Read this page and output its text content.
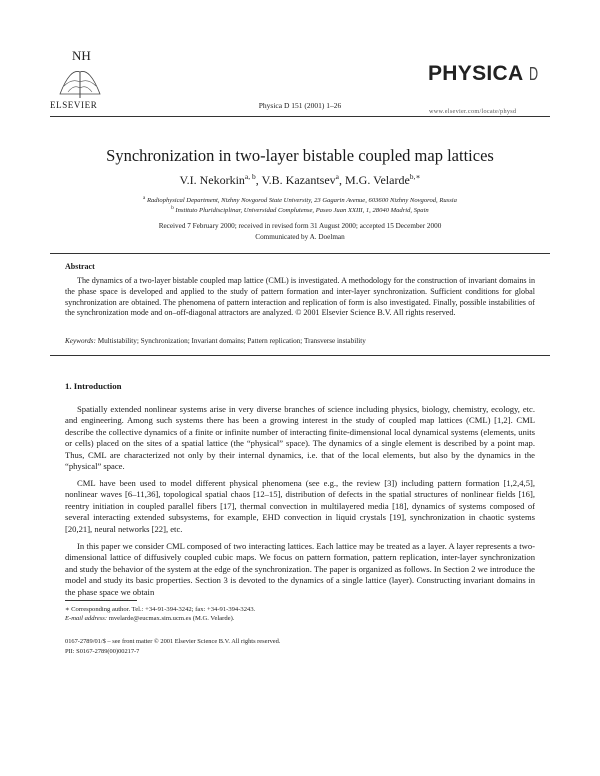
NH
ELSEVIER	Physica D 151 (2001) 1–26
PHYSICA D
www.elsevier.com/locate/physd
Synchronization in two-layer bistable coupled map lattices
V.I. Nekorkin$^{a, b}$, V.B. Kazantsev$^a$, M.G. Velarde$^{b,∗}$
$^a$ Radiophysical Department, Nizhny Novgorod State University, 23 Gagarin Avenue, 603600 Nizhny Novgorod, Russia
$^b$ Instituto Pluridisciplinar, Universidad Complutense, Paseo Juan XXIII, 1, 28040 Madrid, Spain
Received 7 February 2000; received in revised form 31 August 2000; accepted 15 December 2000
Communicated by A. Doelman
Abstract

The dynamics of a two-layer bistable coupled map lattice (CML) is investigated. A methodology for the construction of invariant domains in the phase space is developed and applied to the study of pattern formation and inter-layer synchronization. Sufficient conditions for global synchronization are obtained. The phenomena of pattern interaction and replication of form is also investigated. Finally, possible instabilities of the synchronization mode and on–off-diagonal attractors are analyzed. © 2001 Elsevier Science B.V. All rights reserved.

Keywords: Multistability; Synchronization; Invariant domains; Pattern replication; Transverse instability
1. Introduction

Spatially extended nonlinear systems arise in very diverse branches of science including physics, biology, chemistry, ecology, etc. and engineering. Among such systems there has been a growing interest in the study of coupled map lattices (CML) [1,2]. CML describe the collective dynamics of a finite or infinite number of interacting finite-dimensional local dynamical systems (elements, units or cells) placed on the sites of a spatial lattice (the “physical” space). The dynamics of a single element is described by a point map. Thus, CML are characterized not only by their internal dynamics, i.e. that of the local elements, but also by the dynamics in the “physical” space.

CML have been used to model different physical phenomena (see e.g., the review [3]) including pattern formation [1,2,4,5], nonlinear waves [6–11,36], topological spatial chaos [12–15], distribution of defects in the spatial structures of nonlinear fields [16], reentry initiation in coupled parallel fibers [17], thermal convection in multilayered media [18], dynamics of systems composed of several interacting extended subsystems, for example, EHD convection in liquid crystals [19], synchronization in chaotic systems [20,21], neural networks [22], etc.

In this paper we consider CML composed of two interacting lattices. Each lattice may be treated as a layer. A layer represents a two-dimensional lattice of diffusively coupled cubic maps. We focus on pattern formation, pattern replication, inter-layer synchronization and study the behavior of the system at the edge of the synchronization. The paper is organized as follows. In Section 2 we introduce the model and study its basic properties. Section 3 is devoted to the dynamics of a single lattice (layer). Constructing invariant domains in the phase space we obtain

∗ Corresponding author. Tel.: +34-91-394-3242; fax: +34-91-394-3243.
E-mail address: mvelarde@eucmax.sim.ucm.es (M.G. Velarde).
0167-2789/01/$ – see front matter © 2001 Elsevier Science B.V. All rights reserved.
PII: S0167-2789(00)00217-7
